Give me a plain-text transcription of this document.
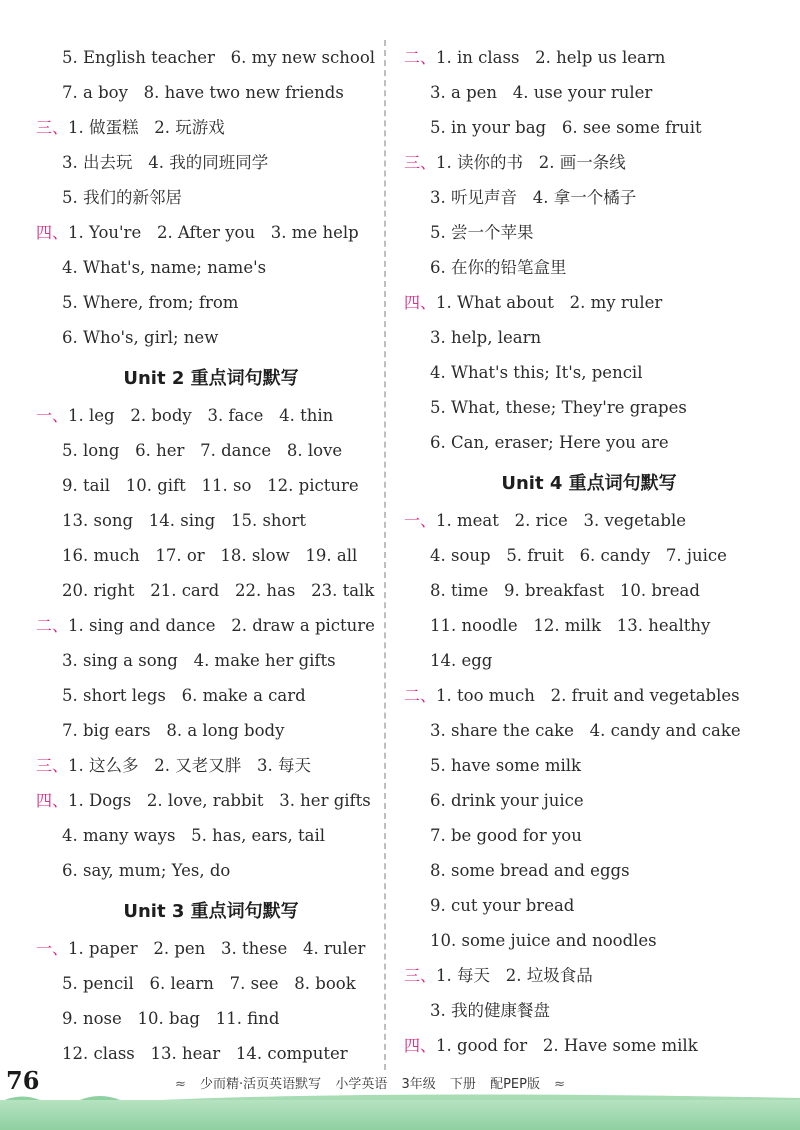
5. English teacher   6. my new school
7. a boy   8. have two new friends
三、1. 做蛋糕   2. 玩游戏
3. 出去玩   4. 我的同班同学
5. 我们的新邻居
四、1. You're   2. After you   3. me help
4. What's, name; name's
5. Where, from; from
6. Who's, girl; new
Unit 2 重点词句默写
一、1. leg   2. body   3. face   4. thin
5. long   6. her   7. dance   8. love
9. tail   10. gift   11. so   12. picture
13. song   14. sing   15. short
16. much   17. or   18. slow   19. all
20. right   21. card   22. has   23. talk
二、1. sing and dance   2. draw a picture
3. sing a song   4. make her gifts
5. short legs   6. make a card
7. big ears   8. a long body
三、1. 这么多   2. 又老又胖   3. 每天
四、1. Dogs   2. love, rabbit   3. her gifts
4. many ways   5. has, ears, tail
6. say, mum; Yes, do
Unit 3 重点词句默写
一、1. paper   2. pen   3. these   4. ruler
5. pencil   6. learn   7. see   8. book
9. nose   10. bag   11. find
12. class   13. hear   14. computer
二、1. in class   2. help us learn
3. a pen   4. use your ruler
5. in your bag   6. see some fruit
三、1. 读你的书   2. 画一条线
3. 听见声音   4. 拿一个橘子
5. 尝一个苹果
6. 在你的铅笔盒里
四、1. What about   2. my ruler
3. help, learn
4. What's this; It's, pencil
5. What, these; They're grapes
6. Can, eraser; Here you are
Unit 4 重点词句默写
一、1. meat   2. rice   3. vegetable
4. soup   5. fruit   6. candy   7. juice
8. time   9. breakfast   10. bread
11. noodle   12. milk   13. healthy
14. egg
二、1. too much   2. fruit and vegetables
3. share the cake   4. candy and cake
5. have some milk
6. drink your juice
7. be good for you
8. some bread and eggs
9. cut your bread
10. some juice and noodles
三、1. 每天   2. 垃圾食品
3. 我的健康餐盘
四、1. good for   2. Have some milk
76	≈ 少而精·活页英语默写 小学英语 3年级 下册 配PEP版 ≈
